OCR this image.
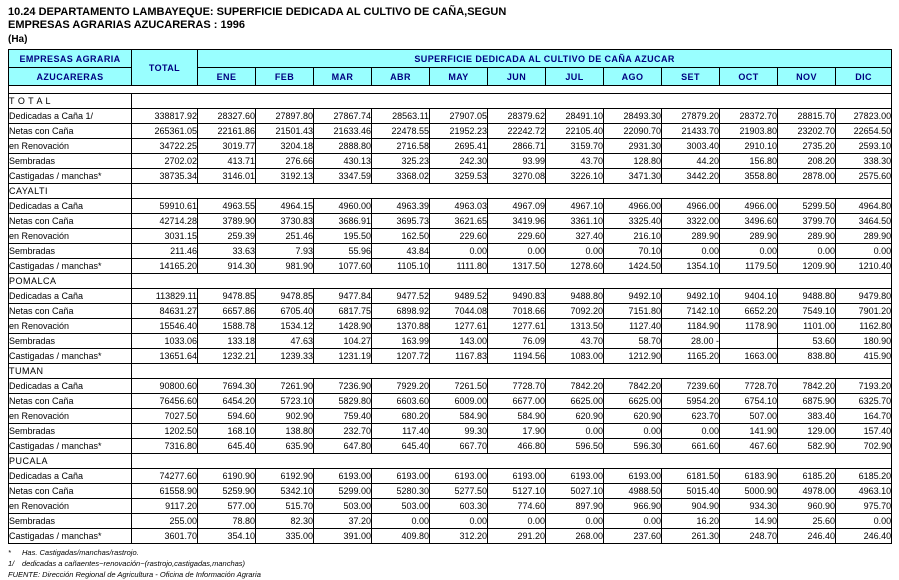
10.24 DEPARTAMENTO LAMBAYEQUE: SUPERFICIE DEDICADA AL CULTIVO DE CAÑA,SEGUN
EMPRESAS AGRARIAS AZUCARERAS : 1996
(Ha)
EMPRESAS AGRARIA	TOTAL	SUPERFICIE DEDICADA AL CULTIVO DE CAÑA AZUCAR											
AZUCARERAS		ENE	FEB	MAR	ABR	MAY	JUN	JUL	AGO	SET	OCT	NOV	DIC

T O T A L													
Dedicadas a Caña 1/	338817.92	28327.60	27897.80	27867.74	28563.11	27907.05	28379.62	28491.10	28493.30	27879.20	28372.70	28815.70	27823.00
Netas con Caña	265361.05	22161.86	21501.43	21633.46	22478.55	21952.23	22242.72	22105.40	22090.70	21433.70	21903.80	23202.70	22654.50
en Renovación	34722.25	3019.77	3204.18	2888.80	2716.58	2695.41	2866.71	3159.70	2931.30	3003.40	2910.10	2735.20	2593.10
Sembradas	2702.02	413.71	276.66	430.13	325.23	242.30	93.99	43.70	128.80	44.20	156.80	208.20	338.30
Castigadas / manchas*	38735.34	3146.01	3192.13	3347.59	3368.02	3259.53	3270.08	3226.10	3471.30	3442.20	3558.80	2878.00	2575.60
CAYALTI													
Dedicadas a Caña	59910.61	4963.55	4964.15	4960.00	4963.39	4963.03	4967.09	4967.10	4966.00	4966.00	4966.00	5299.50	4964.80
Netas con Caña	42714.28	3789.90	3730.83	3686.91	3695.73	3621.65	3419.96	3361.10	3325.40	3322.00	3496.60	3799.70	3464.50
en Renovación	3031.15	259.39	251.46	195.50	162.50	229.60	229.60	327.40	216.10	289.90	289.90	289.90	289.90
Sembradas	211.46	33.63	7.93	55.96	43.84	0.00	0.00	0.00	70.10	0.00	0.00	0.00	0.00
Castigadas / manchas*	14165.20	914.30	981.90	1077.60	1105.10	1111.80	1317.50	1278.60	1424.50	1354.10	1179.50	1209.90	1210.40
POMALCA													
Dedicadas a Caña	113829.11	9478.85	9478.85	9477.84	9477.52	9489.52	9490.83	9488.80	9492.10	9492.10	9404.10	9488.80	9479.80
Netas con Caña	84631.27	6657.86	6705.40	6817.75	6898.92	7044.08	7018.66	7092.20	7151.80	7142.10	6652.20	7549.10	7901.20
en Renovación	15546.40	1588.78	1534.12	1428.90	1370.88	1277.61	1277.61	1313.50	1127.40	1184.90	1178.90	1101.00	1162.80
Sembradas	1033.06	133.18	47.63	104.27	163.99	143.00	76.09	43.70	58.70	28.00 -		53.60	180.90
Castigadas / manchas*	13651.64	1232.21	1239.33	1231.19	1207.72	1167.83	1194.56	1083.00	1212.90	1165.20	1663.00	838.80	415.90
TUMAN													
Dedicadas a Caña	90800.60	7694.30	7261.90	7236.90	7929.20	7261.50	7728.70	7842.20	7842.20	7239.60	7728.70	7842.20	7193.20
Netas con Caña	76456.60	6454.20	5723.10	5829.80	6603.60	6009.00	6677.00	6625.00	6625.00	5954.20	6754.10	6875.90	6325.70
en Renovación	7027.50	594.60	902.90	759.40	680.20	584.90	584.90	620.90	620.90	623.70	507.00	383.40	164.70
Sembradas	1202.50	168.10	138.80	232.70	117.40	99.30	17.90	0.00	0.00	0.00	141.90	129.00	157.40
Castigadas / manchas*	7316.80	645.40	635.90	647.80	645.40	667.70	466.80	596.50	596.30	661.60	467.60	582.90	702.90
PUCALA													
Dedicadas a Caña	74277.60	6190.90	6192.90	6193.00	6193.00	6193.00	6193.00	6193.00	6193.00	6181.50	6183.90	6185.20	6185.20
Netas con Caña	61558.90	5259.90	5342.10	5299.00	5280.30	5277.50	5127.10	5027.10	4988.50	5015.40	5000.90	4978.00	4963.10
en Renovación	9117.20	577.00	515.70	503.00	503.00	603.30	774.60	897.90	966.90	904.90	934.30	960.90	975.70
Sembradas	255.00	78.80	82.30	37.20	0.00	0.00	0.00	0.00	0.00	16.20	14.90	25.60	0.00
Castigadas / manchas*	3601.70	354.10	335.00	391.00	409.80	312.20	291.20	268.00	237.60	261.30	248.70	246.40	246.40
* Has. Castigadas/manchas/rastrojo.
1/ dedicadas a cañaentes~renovación~(rastrojo,castigadas,manchas)
FUENTE: Dirección Regional de Agricultura - Oficina de Información Agraria
